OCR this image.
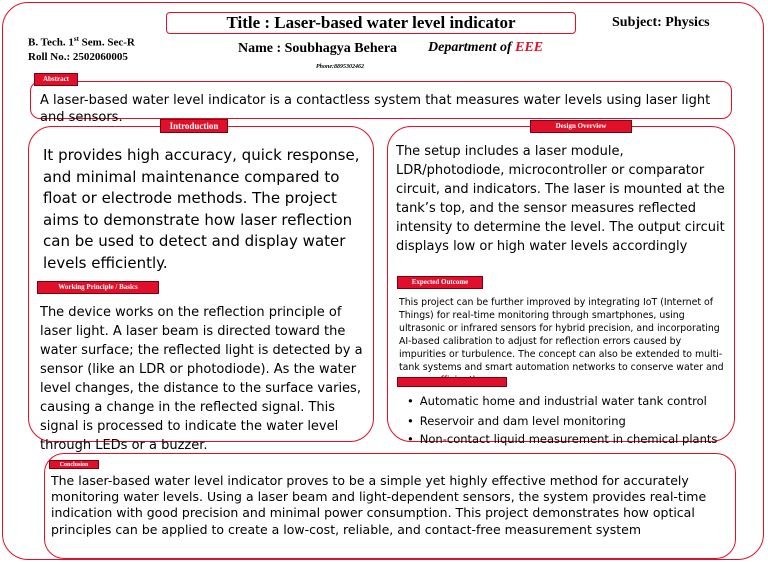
B. Tech. 1st Sem. Sec-R
Roll No.: 2502060005
Title : Laser-based water level indicator	Subject: Physics
Name : Soubhagya Behera Department of EEE
Phone:8895302462
A laser-based water level indicator is a contactless system that measures water levels using laser light and sensors.
Abstract
It provides high accuracy, quick response, and minimal maintenance compared to float or electrode methods. The project aims to demonstrate how laser reflection can be used to detect and display water levels efficiently.
Introduction
The device works on the reflection principle of laser light. A laser beam is directed toward the water surface; the reflected light is detected by a sensor (like an LDR or photodiode). As the water level changes, the distance to the surface varies, causing a change in the reflected signal. This signal is processed to indicate the water level through LEDs or a buzzer.
Working Principle / Basics
The setup includes a laser module, LDR/photodiode, microcontroller or comparator circuit, and indicators. The laser is mounted at the tank’s top, and the sensor measures reflected intensity to determine the level. The output circuit displays low or high water levels accordingly
Design Overview
This project can be further improved by integrating IoT (Internet of Things) for real-time monitoring through smartphones, using ultrasonic or infrared sensors for hybrid precision, and incorporating AI-based calibration to adjust for reflection errors caused by impurities or turbulence. The concept can also be extended to multi-tank systems and smart automation networks to conserve water and
Expected Outcome
• Automatic home and industrial water tank control
• Reservoir and dam level monitoring
• Non-contact liquid measurement in chemical plants
The laser-based water level indicator proves to be a simple yet highly effective method for accurately monitoring water levels. Using a laser beam and light-dependent sensors, the system provides real-time indication with good precision and minimal power consumption. This project demonstrates how optical principles can be applied to create a low-cost, reliable, and contact-free measurement system
Conclusion
